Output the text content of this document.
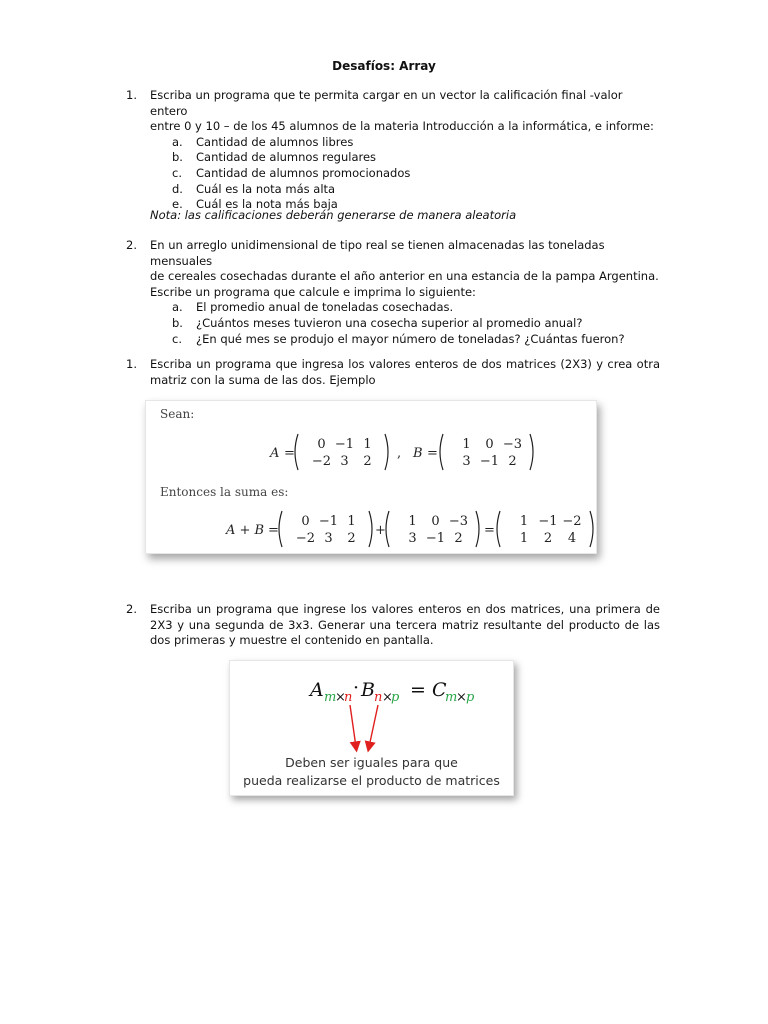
Desafíos: Array
1. Escriba un programa que te permita cargar en un vector la calificación final -valor entero

entre 0 y 10 – de los 45 alumnos de la materia Introducción a la informática, e informe:

a. Cantidad de alumnos libres
b. Cantidad de alumnos regulares
c. Cantidad de alumnos promocionados
d. Cuál es la nota más alta
e. Cuál es la nota más baja
Nota: las calificaciones deberán generarse de manera aleatoria
2. En un arreglo unidimensional de tipo real se tienen almacenadas las toneladas mensuales

de cereales cosechadas durante el año anterior en una estancia de la pampa Argentina.

Escribe un programa que calcule e imprima lo siguiente:

a. El promedio anual de toneladas cosechadas.
b. ¿Cuántos meses tuvieron una cosecha superior al promedio anual?
c. ¿En qué mes se produjo el mayor número de toneladas? ¿Cuántas fueron?
1. Escriba un programa que ingresa los valores enteros de dos matrices (2X3) y crea otra matriz con la suma de las dos. Ejemplo
Sean:
Entonces la suma es:
A =
0 −1 1
−2 3 2
, B =
1 0 −3
3 −1 2
A + B =
0 −1 1
−2 3 2
+
1 0 −3
3 −1 2
=
1 −1 −2
1 2 4
2. Escriba un programa que ingrese los valores enteros en dos matrices, una primera de 2X3 y una segunda de 3x3. Generar una tercera matriz resultante del producto de las dos primeras y muestre el contenido en pantalla.
A m
×
n · B n ×
p = C
m
× p
Deben ser iguales para que
pueda realizarse el producto de matrices
